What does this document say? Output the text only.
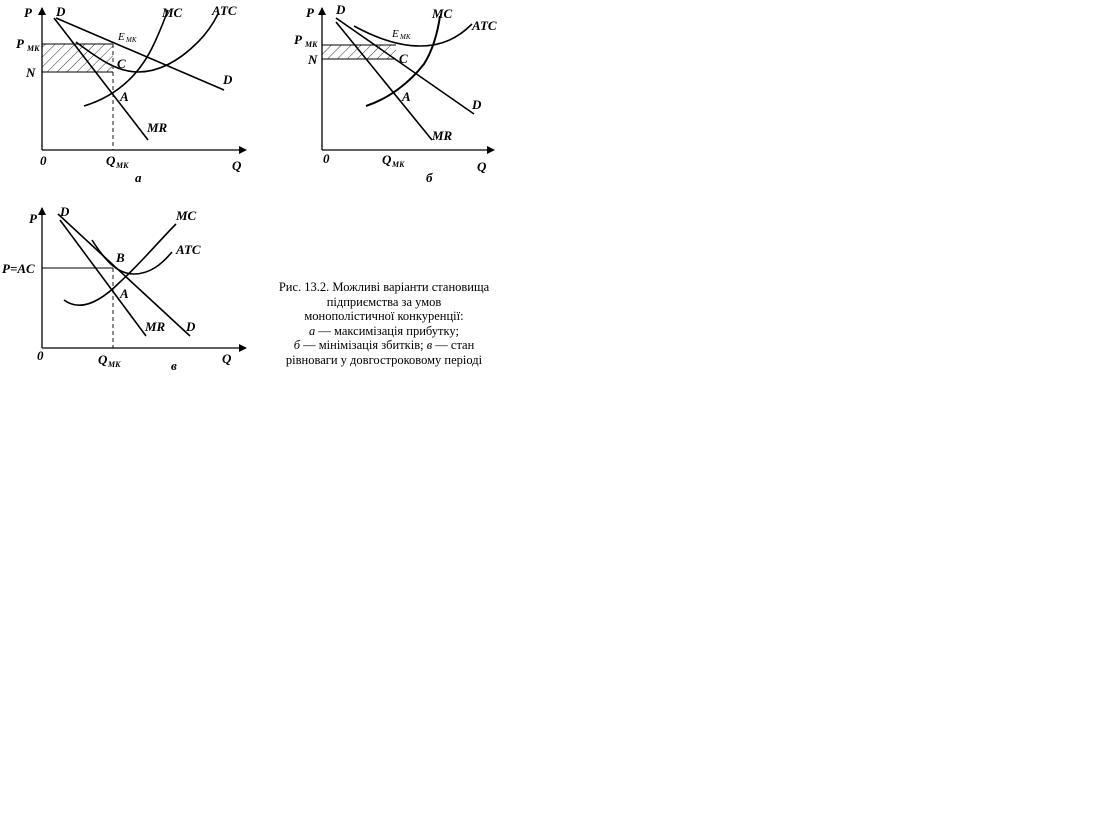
P
Q
0
D
D
MC ATC
MR
P MK
N
C
A
E MK
Q MK
а
P
Q
0
D
D
MC
ATC
MR
P MK
N	C
A
E MK
Q MK
б
P
Q
0
D
D
MC
ATC
MR
P=AC
B
A
Q MK	в
Рис. 13.2. Можливі варіанти становища
підприємства за умов
монополістичної конкуренції:
а — максимізація прибутку;
б — мінімізація збитків; в — стан
рівноваги у довгостроковому періоді
